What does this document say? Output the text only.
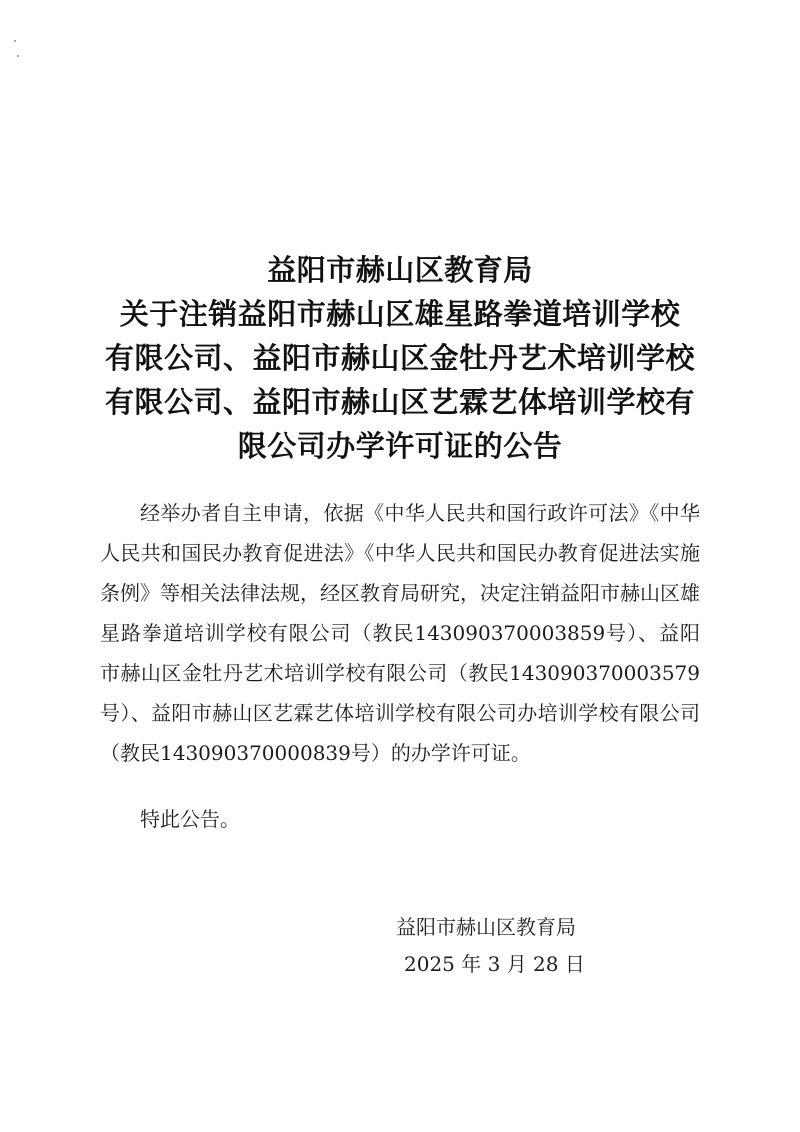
益阳市赫山区教育局
关于注销益阳市赫山区雄星路拳道培训学校
有限公司、益阳市赫山区金牡丹艺术培训学校
有限公司、益阳市赫山区艺霖艺体培训学校有
限公司办学许可证的公告

经举办者自主申请，依据《中华人民共和国行政许可法》《中华人民共和国民办教育促进法》《中华人民共和国民办教育促进法实施条例》等相关法律法规，经区教育局研究，决定注销益阳市赫山区雄星路拳道培训学校有限公司（教民143090370003859号）、益阳市赫山区金牡丹艺术培训学校有限公司（教民143090370003579号）、益阳市赫山区艺霖艺体培训学校有限公司办培训学校有限公司（教民143090370000839号）的办学许可证。

特此公告。

益阳市赫山区教育局
2025 年 3 月 28 日
